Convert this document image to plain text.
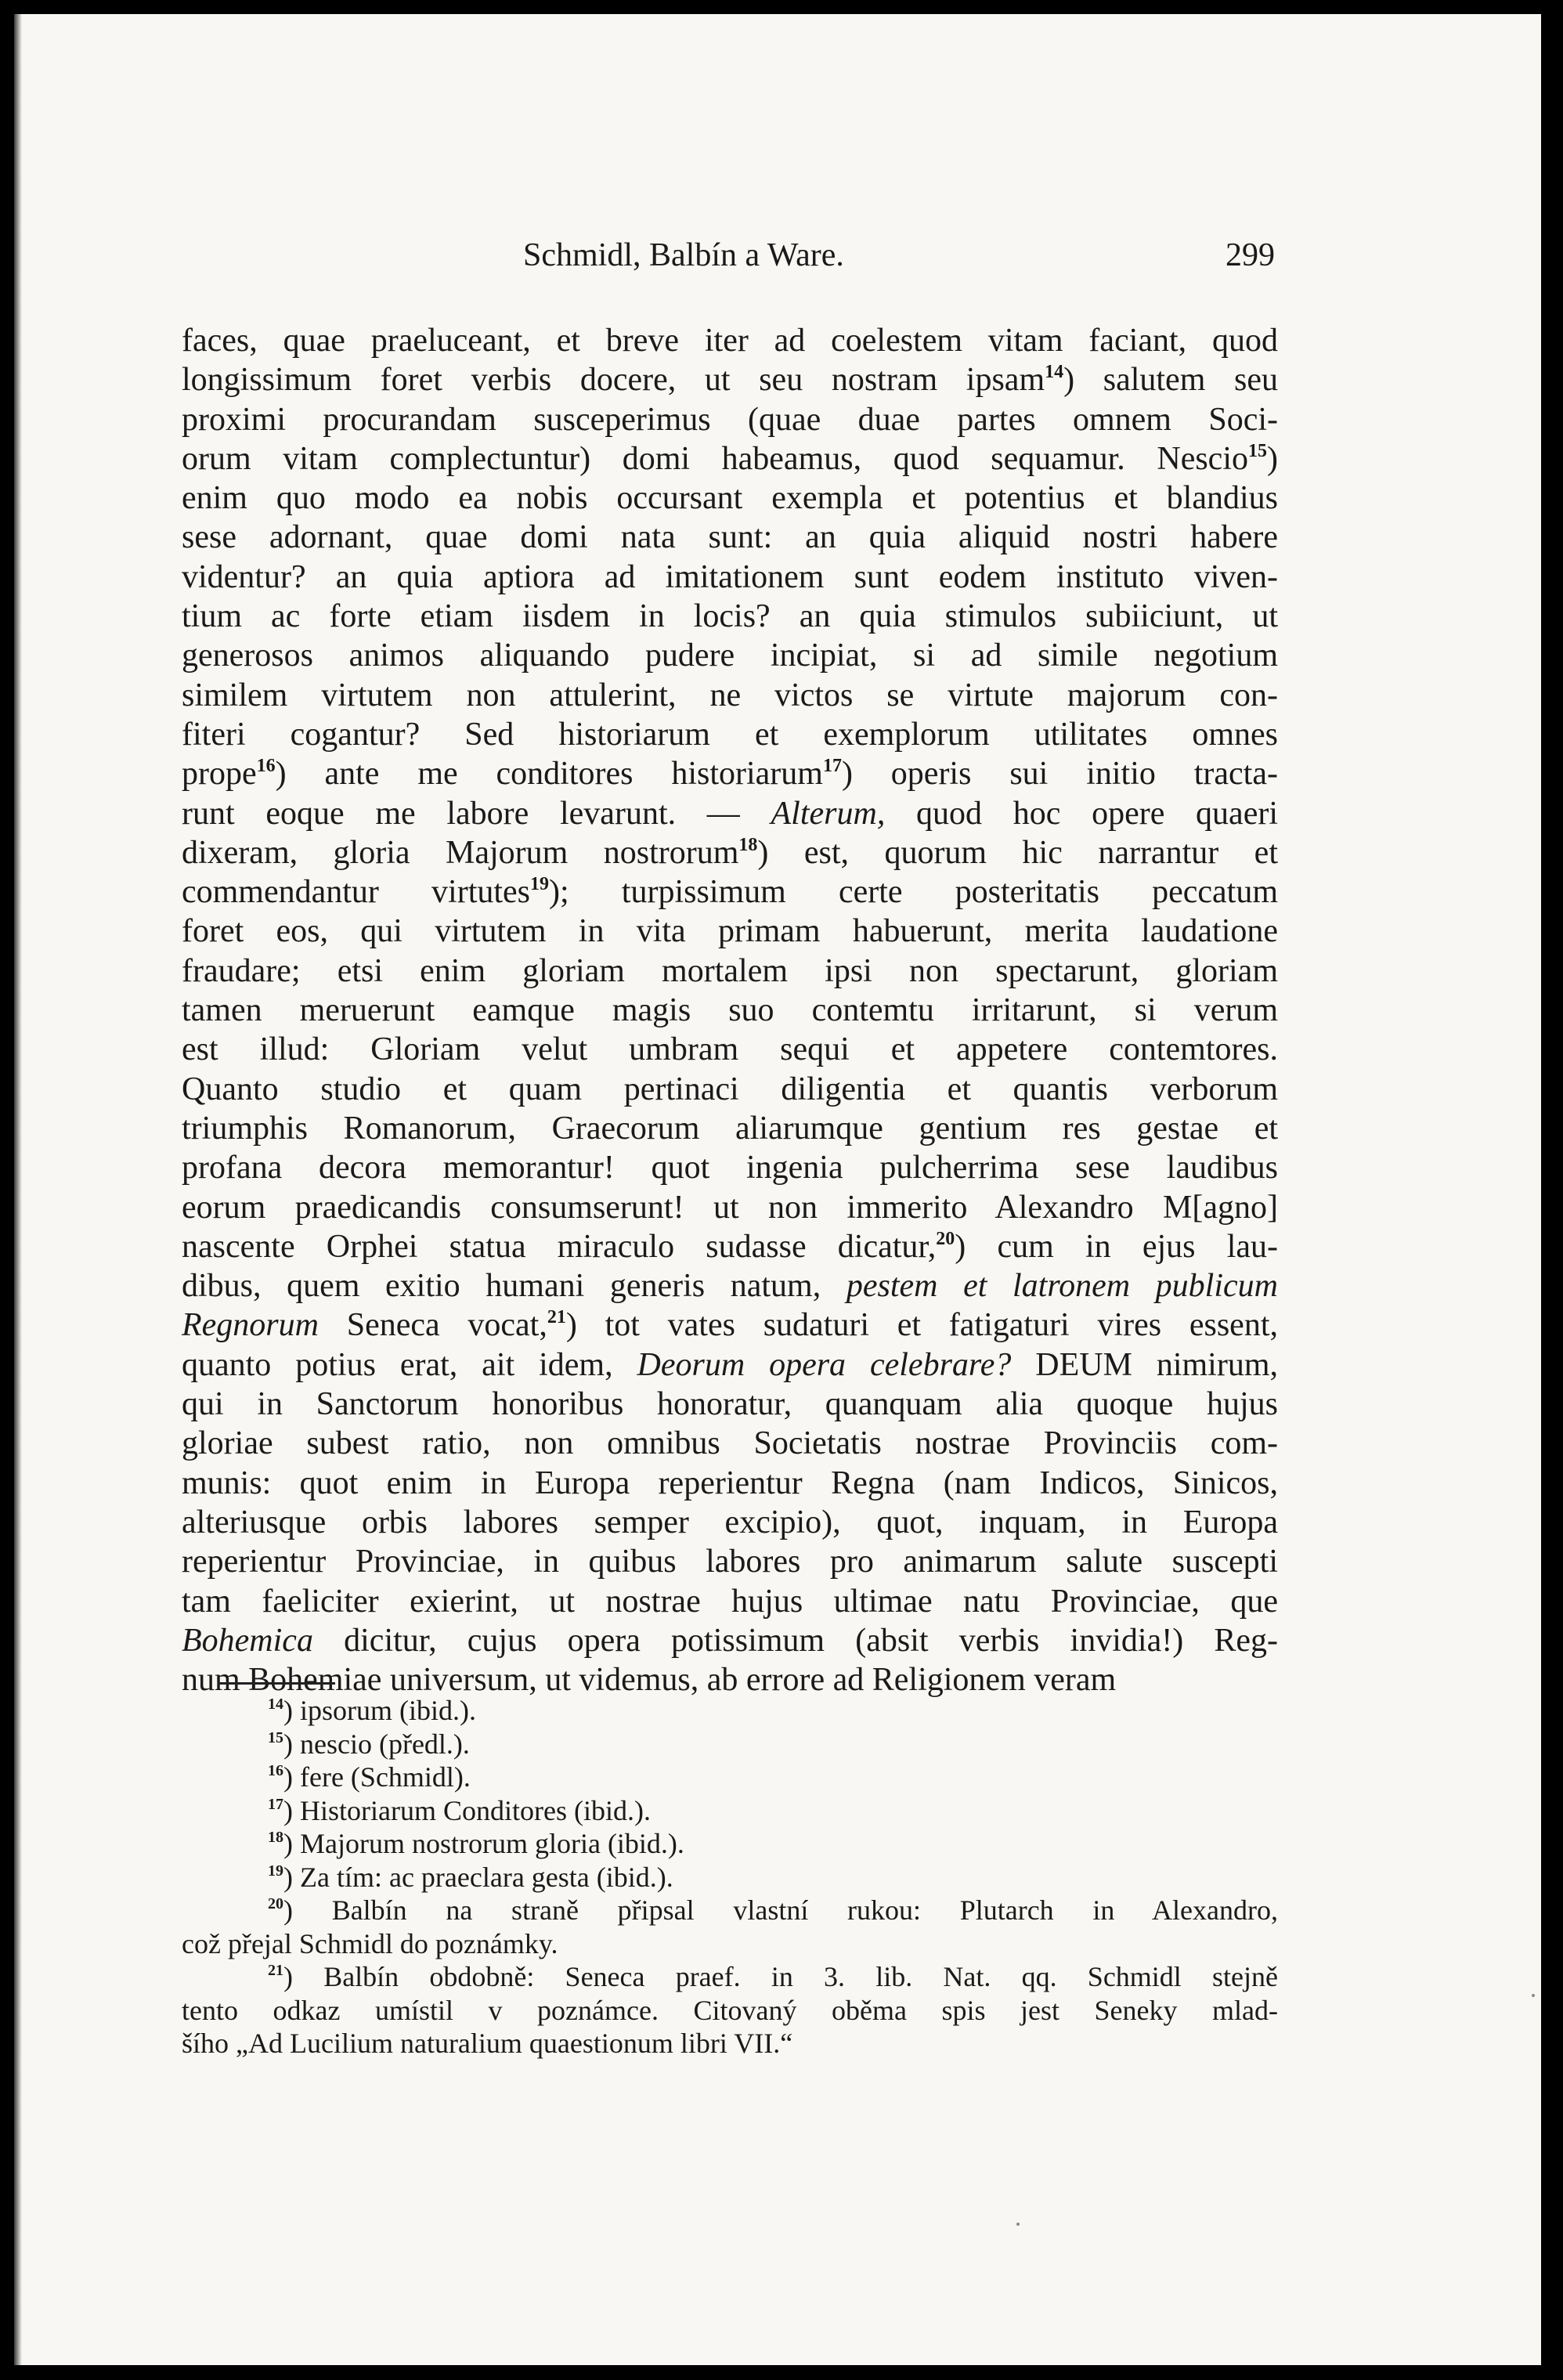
Schmidl, Balbín a Ware.	299
faces, quae praeluceant, et breve iter ad coelestem vitam faciant, quod
longissimum foret verbis docere, ut seu nostram ipsam$^{14}$) salutem seu
proximi procurandam susceperimus (quae duae partes omnem Soci-
orum vitam complectuntur) domi habeamus, quod sequamur. Nescio$^{15}$)
enim quo modo ea nobis occursant exempla et potentius et blandius
sese adornant, quae domi nata sunt: an quia aliquid nostri habere
videntur? an quia aptiora ad imitationem sunt eodem instituto viven-
tium ac forte etiam iisdem in locis? an quia stimulos subiiciunt, ut
generosos animos aliquando pudere incipiat, si ad simile negotium
similem virtutem non attulerint, ne victos se virtute majorum con-
fiteri cogantur? Sed historiarum et exemplorum utilitates omnes
prope$^{16}$) ante me conditores historiarum$^{17}$) operis sui initio tracta-
runt eoque me labore levarunt. — Alterum, quod hoc opere quaeri
dixeram, gloria Majorum nostrorum$^{18}$) est, quorum hic narrantur et
commendantur virtutes$^{19}$); turpissimum certe posteritatis peccatum
foret eos, qui virtutem in vita primam habuerunt, merita laudatione
fraudare; etsi enim gloriam mortalem ipsi non spectarunt, gloriam
tamen meruerunt eamque magis suo contemtu irritarunt, si verum
est illud: Gloriam velut umbram sequi et appetere contemtores.
Quanto studio et quam pertinaci diligentia et quantis verborum
triumphis Romanorum, Graecorum aliarumque gentium res gestae et
profana decora memorantur! quot ingenia pulcherrima sese laudibus
eorum praedicandis consumserunt! ut non immerito Alexandro M[agno]
nascente Orphei statua miraculo sudasse dicatur,$^{20}$) cum in ejus lau-
dibus, quem exitio humani generis natum, pestem et latronem publicum
Regnorum Seneca vocat,$^{21}$) tot vates sudaturi et fatigaturi vires essent,
quanto potius erat, ait idem, Deorum opera celebrare? DEUM nimirum,
qui in Sanctorum honoribus honoratur, quanquam alia quoque hujus
gloriae subest ratio, non omnibus Societatis nostrae Provinciis com-
munis: quot enim in Europa reperientur Regna (nam Indicos, Sinicos,
alteriusque orbis labores semper excipio), quot, inquam, in Europa
reperientur Provinciae, in quibus labores pro animarum salute suscepti
tam faeliciter exierint, ut nostrae hujus ultimae natu Provinciae, que
Bohemica dicitur, cujus opera potissimum (absit verbis invidia!) Reg-
num Bohemiae universum, ut videmus, ab errore ad Religionem veram
$^{14}$) ipsorum (ibid.).
$^{15}$) nescio (předl.).
$^{16}$) fere (Schmidl).
$^{17}$) Historiarum Conditores (ibid.).
$^{18}$) Majorum nostrorum gloria (ibid.).
$^{19}$) Za tím: ac praeclara gesta (ibid.).
$^{20}$) Balbín na straně připsal vlastní rukou: Plutarch in Alexandro,
což přejal Schmidl do poznámky.
$^{21}$) Balbín obdobně: Seneca praef. in 3. lib. Nat. qq. Schmidl stejně
tento odkaz umístil v poznámce. Citovaný oběma spis jest Seneky mlad-
šího „Ad Lucilium naturalium quaestionum libri VII.“
